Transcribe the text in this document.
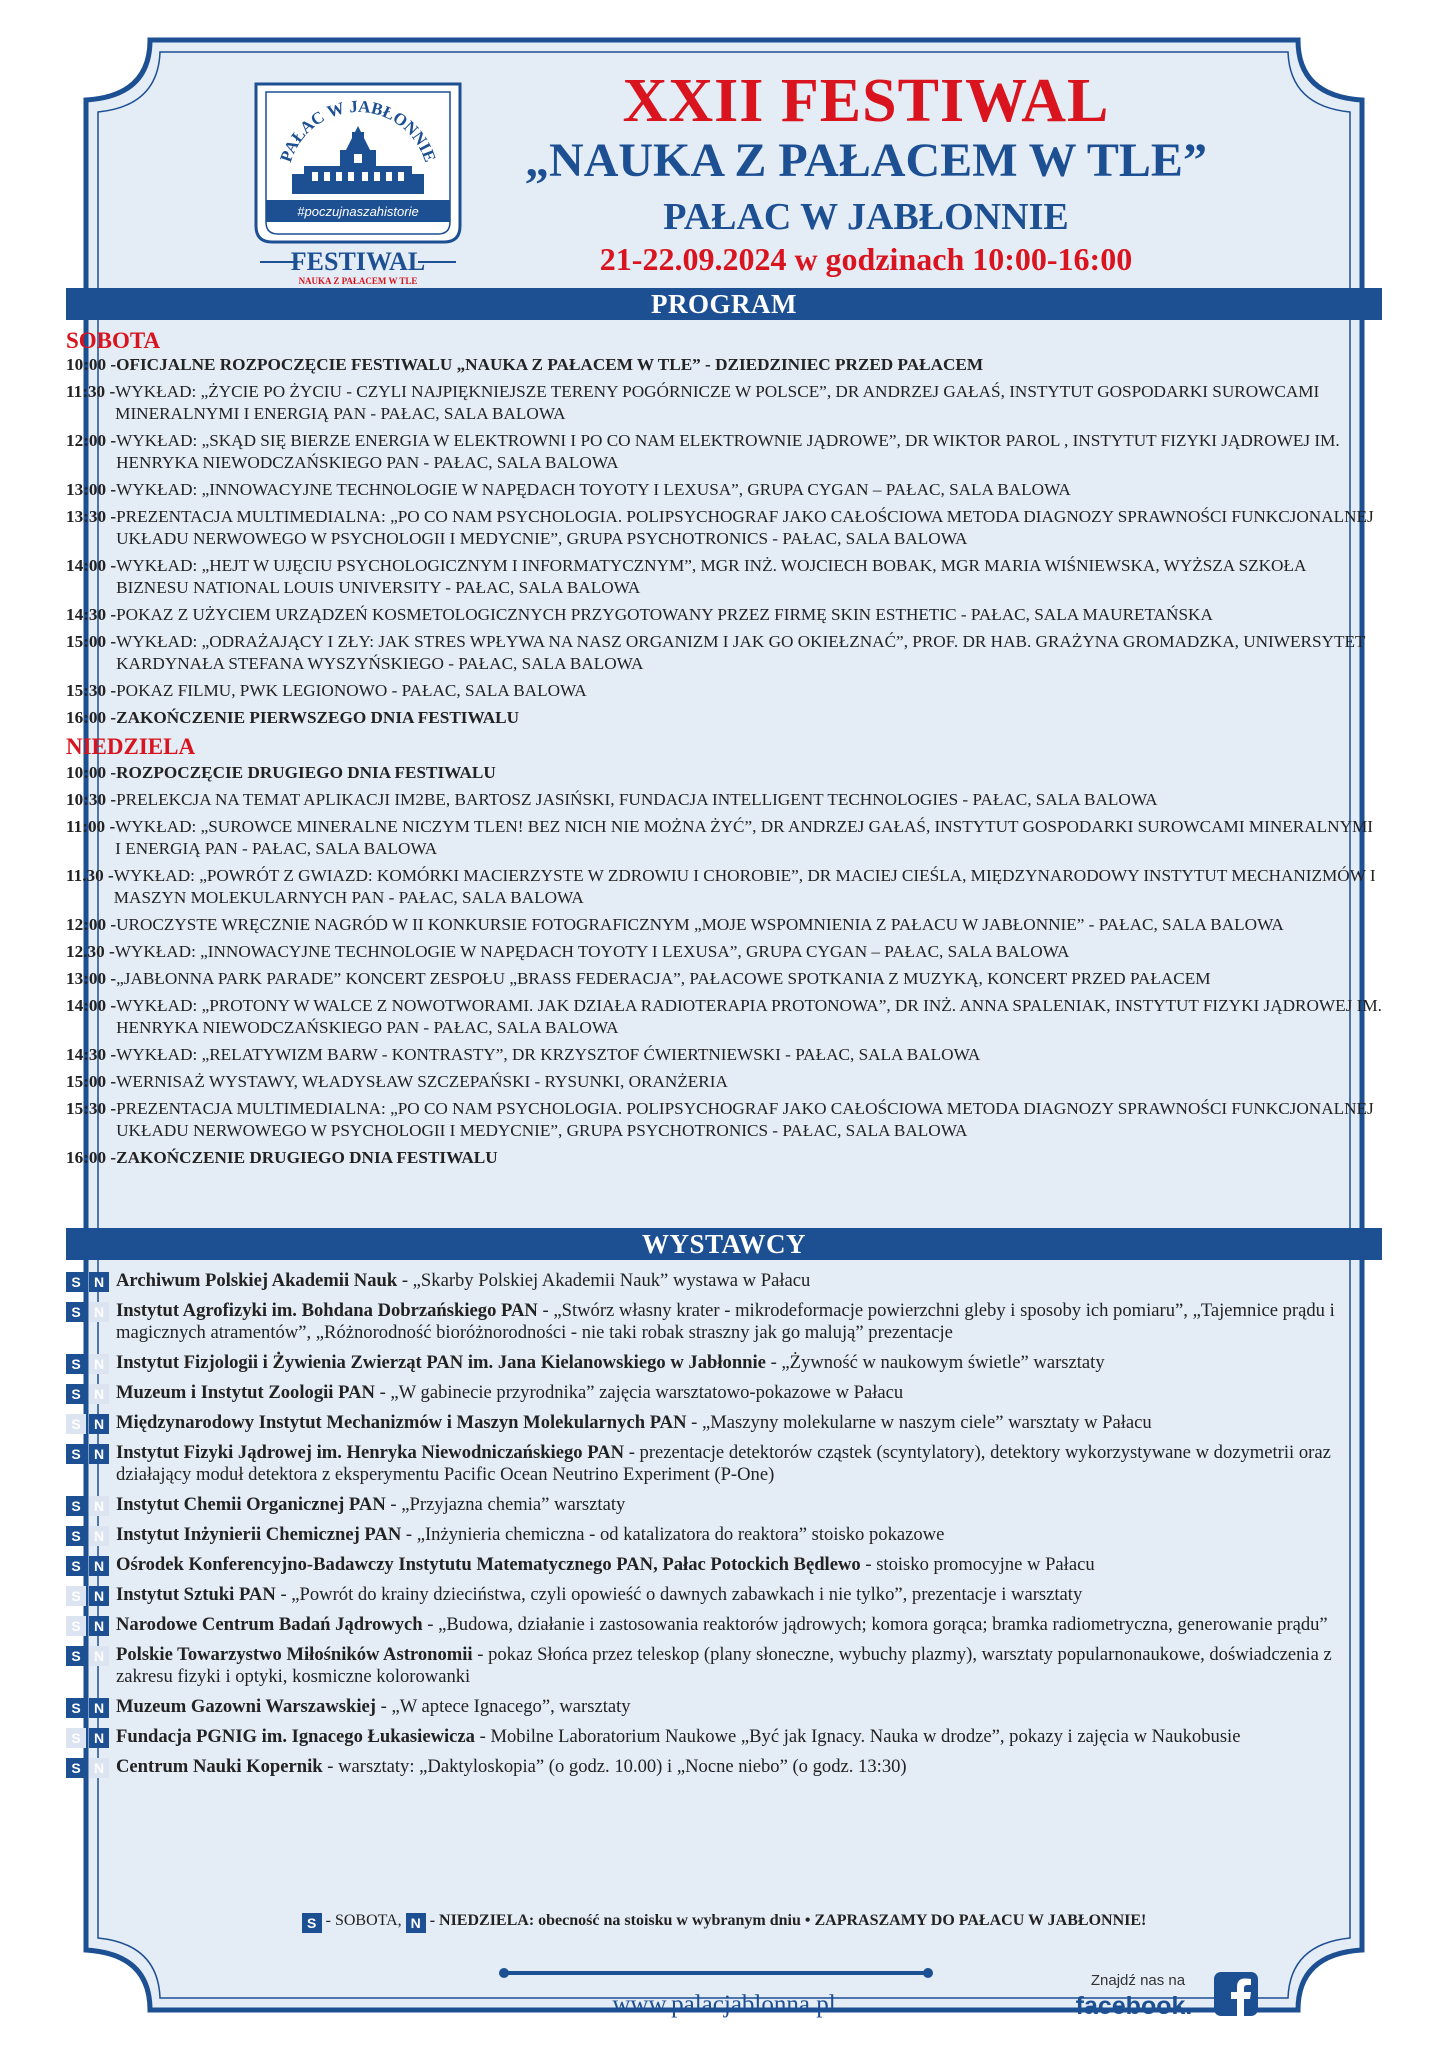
PAŁAC W JABŁONNIE
#poczujnaszahistorie
FESTIWAL
NAUKA Z PAŁACEM W TLE
XXII FESTIWAL
„NAUKA Z PAŁACEM W TLE”
PAŁAC W JABŁONNIE
21-22.09.2024 w godzinach 10:00-16:00
PROGRAM
SOBOTA
10:00 - OFICJALNE ROZPOCZĘCIE FESTIWALU „NAUKA Z PAŁACEM W TLE” - DZIEDZINIEC PRZED PAŁACEM
11:30 - WYKŁAD: „ŻYCIE PO ŻYCIU - CZYLI NAJPIĘKNIEJSZE TERENY POGÓRNICZE W POLSCE”, DR ANDRZEJ GAŁAŚ, INSTYTUT GOSPODARKI SUROWCAMI MINERALNYMI I ENERGIĄ PAN - PAŁAC, SALA BALOWA
12:00 - WYKŁAD: „SKĄD SIĘ BIERZE ENERGIA W ELEKTROWNI I PO CO NAM ELEKTROWNIE JĄDROWE”, DR WIKTOR PAROL , INSTYTUT FIZYKI JĄDROWEJ IM. HENRYKA NIEWODCZAŃSKIEGO PAN - PAŁAC, SALA BALOWA
13:00 - WYKŁAD: „INNOWACYJNE TECHNOLOGIE W NAPĘDACH TOYOTY I LEXUSA”, GRUPA CYGAN – PAŁAC, SALA BALOWA
13:30 - PREZENTACJA MULTIMEDIALNA: „PO CO NAM PSYCHOLOGIA. POLIPSYCHOGRAF JAKO CAŁOŚCIOWA METODA DIAGNOZY SPRAWNOŚCI FUNKCJONALNEJ UKŁADU NERWOWEGO W PSYCHOLOGII I MEDYCNIE”, GRUPA PSYCHOTRONICS - PAŁAC, SALA BALOWA
14:00 - WYKŁAD: „HEJT W UJĘCIU PSYCHOLOGICZNYM I INFORMATYCZNYM”, MGR INŻ. WOJCIECH BOBAK, MGR MARIA WIŚNIEWSKA, WYŻSZA SZKOŁA BIZNESU NATIONAL LOUIS UNIVERSITY - PAŁAC, SALA BALOWA
14:30 - POKAZ Z UŻYCIEM URZĄDZEŃ KOSMETOLOGICZNYCH PRZYGOTOWANY PRZEZ FIRMĘ SKIN ESTHETIC - PAŁAC, SALA MAURETAŃSKA
15:00 - WYKŁAD: „ODRAŻAJĄCY I ZŁY: JAK STRES WPŁYWA NA NASZ ORGANIZM I JAK GO OKIEŁZNAĆ”, PROF. DR HAB. GRAŻYNA GROMADZKA, UNIWERSYTET KARDYNAŁA STEFANA WYSZYŃSKIEGO - PAŁAC, SALA BALOWA
15:30 - POKAZ FILMU, PWK LEGIONOWO - PAŁAC, SALA BALOWA
16:00 - ZAKOŃCZENIE PIERWSZEGO DNIA FESTIWALU
NIEDZIELA
10:00 - ROZPOCZĘCIE DRUGIEGO DNIA FESTIWALU
10:30 - PRELEKCJA NA TEMAT APLIKACJI IM2BE, BARTOSZ JASIŃSKI, FUNDACJA INTELLIGENT TECHNOLOGIES - PAŁAC, SALA BALOWA
11:00 - WYKŁAD: „SUROWCE MINERALNE NICZYM TLEN! BEZ NICH NIE MOŻNA ŻYĆ”, DR ANDRZEJ GAŁAŚ, INSTYTUT GOSPODARKI SUROWCAMI MINERALNYMI I ENERGIĄ PAN - PAŁAC, SALA BALOWA
11.30 - WYKŁAD: „POWRÓT Z GWIAZD: KOMÓRKI MACIERZYSTE W ZDROWIU I CHOROBIE”, DR MACIEJ CIEŚLA, MIĘDZYNARODOWY INSTYTUT MECHANIZMÓW I MASZYN MOLEKULARNYCH PAN - PAŁAC, SALA BALOWA
12:00 - UROCZYSTE WRĘCZNIE NAGRÓD W II KONKURSIE FOTOGRAFICZNYM „MOJE WSPOMNIENIA Z PAŁACU W JABŁONNIE” - PAŁAC, SALA BALOWA
12.30 - WYKŁAD: „INNOWACYJNE TECHNOLOGIE W NAPĘDACH TOYOTY I LEXUSA”, GRUPA CYGAN – PAŁAC, SALA BALOWA
13:00 - „JABŁONNA PARK PARADE” KONCERT ZESPOŁU „BRASS FEDERACJA”, PAŁACOWE SPOTKANIA Z MUZYKĄ, KONCERT PRZED PAŁACEM
14:00 - WYKŁAD: „PROTONY W WALCE Z NOWOTWORAMI. JAK DZIAŁA RADIOTERAPIA PROTONOWA”, DR INŻ. ANNA SPALENIAK, INSTYTUT FIZYKI JĄDROWEJ IM. HENRYKA NIEWODCZAŃSKIEGO PAN - PAŁAC, SALA BALOWA
14:30 - WYKŁAD: „RELATYWIZM BARW - KONTRASTY”, DR KRZYSZTOF ĆWIERTNIEWSKI - PAŁAC, SALA BALOWA
15:00 - WERNISAŻ WYSTAWY, WŁADYSŁAW SZCZEPAŃSKI - RYSUNKI, ORANŻERIA
15:30 - PREZENTACJA MULTIMEDIALNA: „PO CO NAM PSYCHOLOGIA. POLIPSYCHOGRAF JAKO CAŁOŚCIOWA METODA DIAGNOZY SPRAWNOŚCI FUNKCJONALNEJ UKŁADU NERWOWEGO W PSYCHOLOGII I MEDYCNIE”, GRUPA PSYCHOTRONICS - PAŁAC, SALA BALOWA
16:00 - ZAKOŃCZENIE DRUGIEGO DNIA FESTIWALU
WYSTAWCY
S N Archiwum Polskiej Akademii Nauk - „Skarby Polskiej Akademii Nauk” wystawa w Pałacu
S N Instytut Agrofizyki im. Bohdana Dobrzańskiego PAN - „Stwórz własny krater - mikrodeformacje powierzchni gleby i sposoby ich pomiaru”, „Tajemnice prądu i magicznych atramentów”, „Różnorodność bioróżnorodności - nie taki robak straszny jak go malują” prezentacje
S N Instytut Fizjologii i Żywienia Zwierząt PAN im. Jana Kielanowskiego w Jabłonnie - „Żywność w naukowym świetle” warsztaty
S N Muzeum i Instytut Zoologii PAN - „W gabinecie przyrodnika” zajęcia warsztatowo-pokazowe w Pałacu
S N Międzynarodowy Instytut Mechanizmów i Maszyn Molekularnych PAN - „Maszyny molekularne w naszym ciele” warsztaty w Pałacu
S N Instytut Fizyki Jądrowej im. Henryka Niewodniczańskiego PAN - prezentacje detektorów cząstek (scyntylatory), detektory wykorzystywane w dozymetrii oraz działający moduł detektora z eksperymentu Pacific Ocean Neutrino Experiment (P-One)
S N Instytut Chemii Organicznej PAN - „Przyjazna chemia” warsztaty
S N Instytut Inżynierii Chemicznej PAN - „Inżynieria chemiczna - od katalizatora do reaktora” stoisko pokazowe
S N Ośrodek Konferencyjno-Badawczy Instytutu Matematycznego PAN, Pałac Potockich Będlewo - stoisko promocyjne w Pałacu
S N Instytut Sztuki PAN - „Powrót do krainy dzieciństwa, czyli opowieść o dawnych zabawkach i nie tylko”, prezentacje i warsztaty
S N Narodowe Centrum Badań Jądrowych - „Budowa, działanie i zastosowania reaktorów jądrowych; komora gorąca; bramka radiometryczna, generowanie prądu”
S N Polskie Towarzystwo Miłośników Astronomii - pokaz Słońca przez teleskop (plany słoneczne, wybuchy plazmy), warsztaty popularnonaukowe, doświadczenia z zakresu fizyki i optyki, kosmiczne kolorowanki
S N Muzeum Gazowni Warszawskiej - „W aptece Ignacego”, warsztaty
S N Fundacja PGNIG im. Ignacego Łukasiewicza - Mobilne Laboratorium Naukowe „Być jak Ignacy. Nauka w drodze”, pokazy i zajęcia w Naukobusie
S N Centrum Nauki Kopernik - warsztaty: „Daktyloskopia” (o godz. 10.00) i „Nocne niebo” (o godz. 13:30)
S - SOBOTA, N - NIEDZIELA: obecność na stoisku w wybranym dniu • ZAPRASZAMY DO PAŁACU W JABŁONNIE!
www.palacjablonna.pl
Znajdź nas na
facebook.
